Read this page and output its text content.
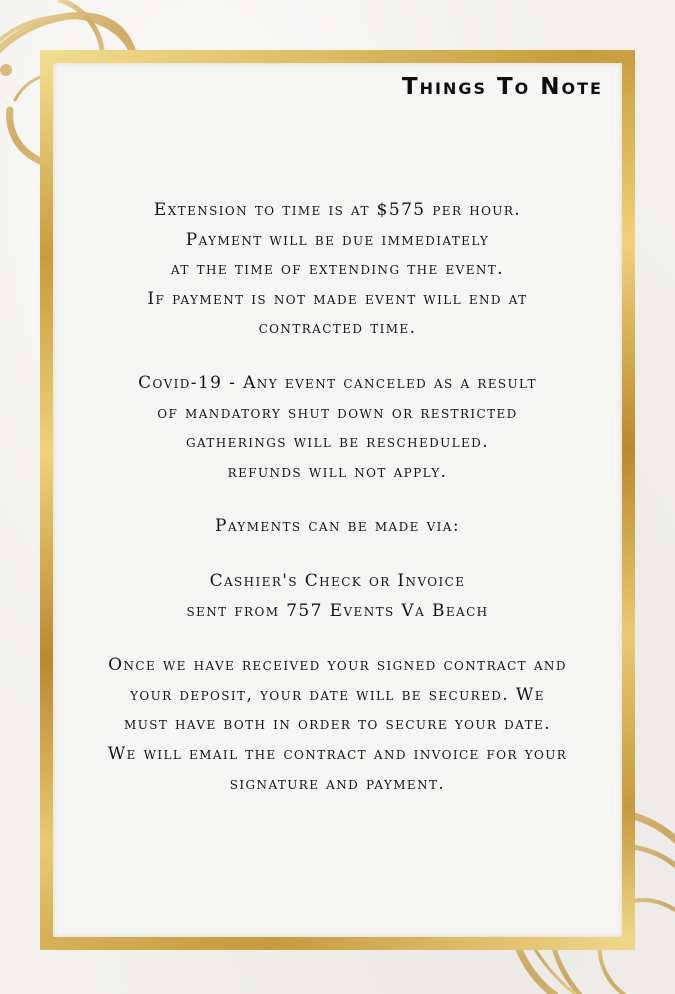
Things To Note

Extension to time is at $575 per hour.
Payment will be due immediately
at the time of extending the event.
If payment is not made event will end at
contracted time.

Covid-19 - Any event canceled as a result
of mandatory shut down or restricted
gatherings will be rescheduled.
refunds will not apply.

Payments can be made via:

Cashier's Check or Invoice
sent from 757 Events Va Beach

Once we have received your signed contract and
your deposit, your date will be secured. We
must have both in order to secure your date.
We will email the contract and invoice for your
signature and payment.
